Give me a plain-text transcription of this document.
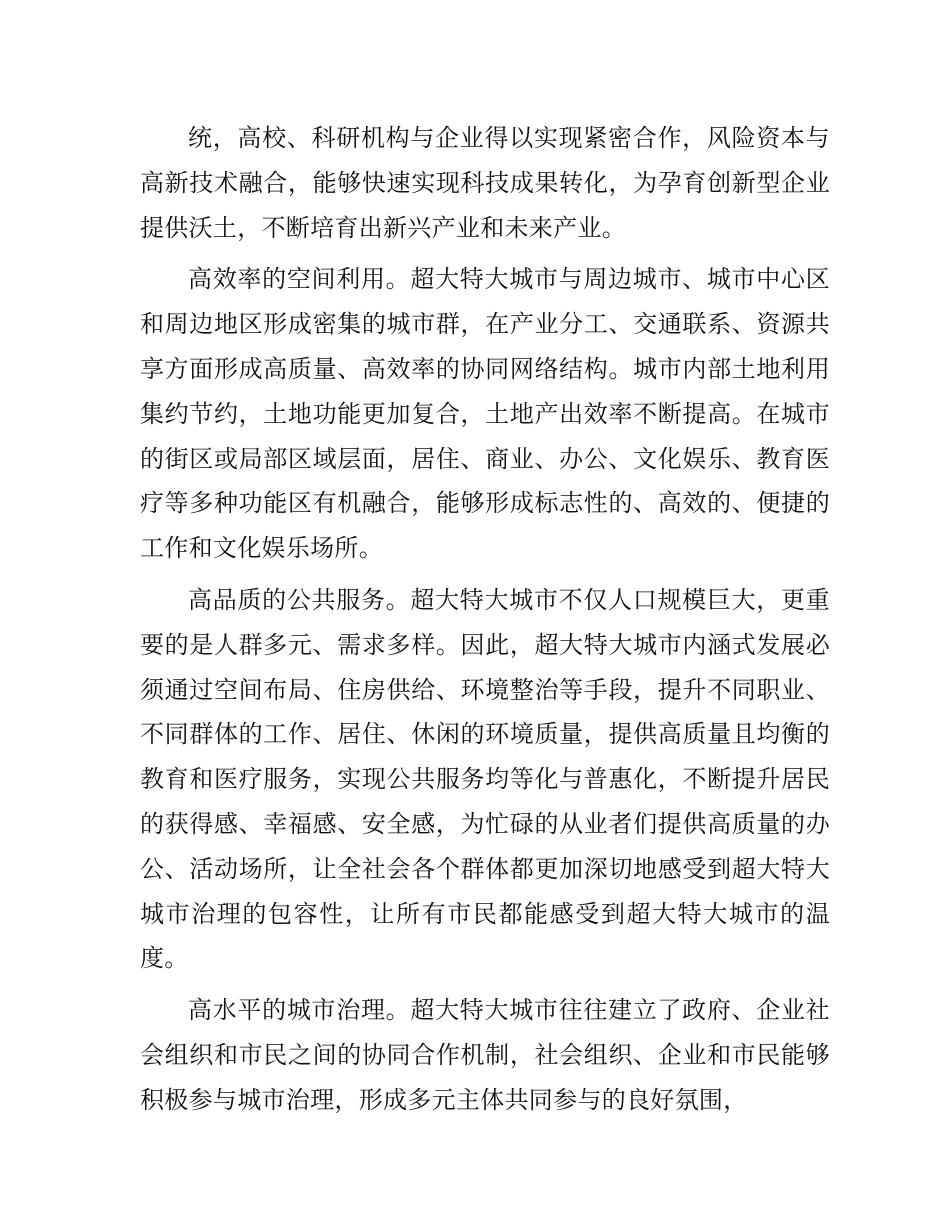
统，高校、科研机构与企业得以实现紧密合作，风险资本与高新技术融合，能够快速实现科技成果转化，为孕育创新型企业提供沃土，不断培育出新兴产业和未来产业。

高效率的空间利用。超大特大城市与周边城市、城市中心区和周边地区形成密集的城市群，在产业分工、交通联系、资源共享方面形成高质量、高效率的协同网络结构。城市内部土地利用集约节约，土地功能更加复合，土地产出效率不断提高。在城市的街区或局部区域层面，居住、商业、办公、文化娱乐、教育医疗等多种功能区有机融合，能够形成标志性的、高效的、便捷的工作和文化娱乐场所。

高品质的公共服务。超大特大城市不仅人口规模巨大，更重要的是人群多元、需求多样。因此，超大特大城市内涵式发展必须通过空间布局、住房供给、环境整治等手段，提升不同职业、不同群体的工作、居住、休闲的环境质量，提供高质量且均衡的教育和医疗服务，实现公共服务均等化与普惠化，不断提升居民的获得感、幸福感、安全感，为忙碌的从业者们提供高质量的办公、活动场所，让全社会各个群体都更加深切地感受到超大特大城市治理的包容性，让所有市民都能感受到超大特大城市的温度。

高水平的城市治理。超大特大城市往往建立了政府、企业社会组织和市民之间的协同合作机制，社会组织、企业和市民能够积极参与城市治理，形成多元主体共同参与的良好氛围，
